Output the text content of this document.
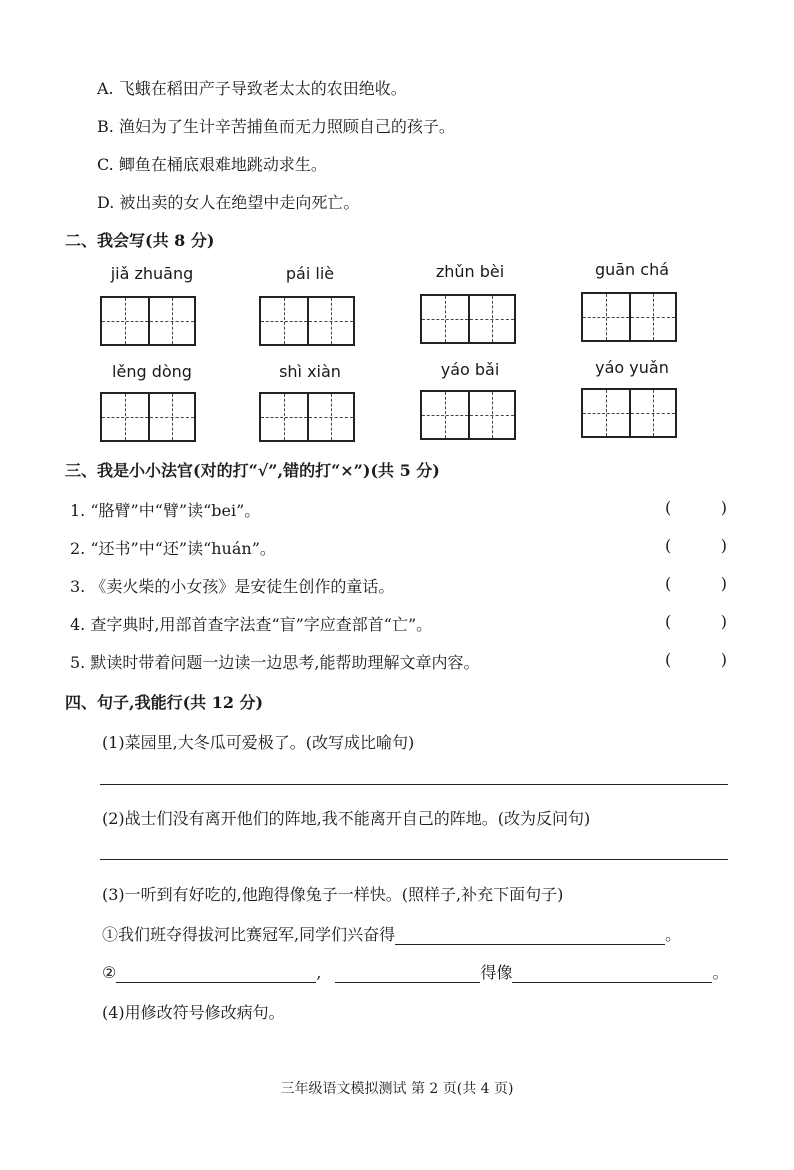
A. 飞蛾在稻田产子导致老太太的农田绝收。
B. 渔妇为了生计辛苦捕鱼而无力照顾自己的孩子。
C. 鲫鱼在桶底艰难地跳动求生。
D. 被出卖的女人在绝望中走向死亡。
二、我会写(共 8 分)
jiǎ zhuāng	pái liè	zhǔn bèi	guān chá
lěng dòng	shì xiàn	yáo bǎi	yáo yuǎn
三、我是小小法官(对的打“√”,错的打“×”)(共 5 分)
1. “胳臂”中“臂”读“bei”。	(	)
2. “还书”中“还”读“huán”。	(	)
3. 《卖火柴的小女孩》是安徒生创作的童话。	(	)
4. 查字典时,用部首查字法查“盲”字应查部首“亡”。	(	)
5. 默读时带着问题一边读一边思考,能帮助理解文章内容。	(	)
四、句子,我能行(共 12 分)
(1)菜园里,大冬瓜可爱极了。(改写成比喻句)
(2)战士们没有离开他们的阵地,我不能离开自己的阵地。(改为反问句)
(3)一听到有好吃的,他跑得像兔子一样快。(照样子,补充下面句子)
①我们班夺得拔河比赛冠军,同学们兴奋得	。
②	,	得像	。
(4)用修改符号修改病句。
三年级语文模拟测试 第 2 页(共 4 页)
